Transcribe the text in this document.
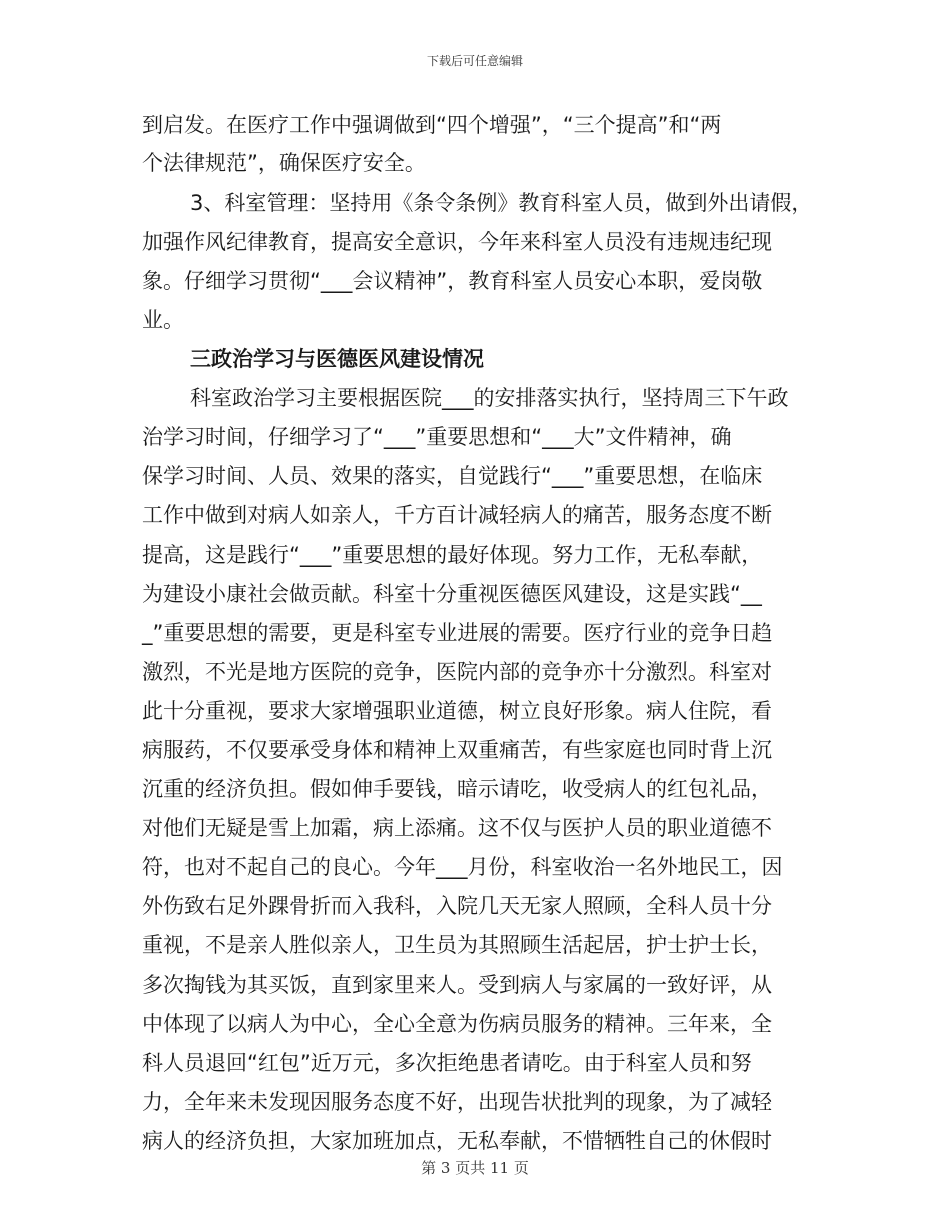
下载后可任意编辑
到启发。在医疗工作中强调做到“四个增强”，“三个提高”和“两
个法律规范”，确保医疗安全。
3、科室管理：坚持用《条令条例》教育科室人员，做到外出请假，
加强作风纪律教育，提高安全意识，今年来科室人员没有违规违纪现
象。仔细学习贯彻“___会议精神”，教育科室人员安心本职，爱岗敬
业。
三政治学习与医德医风建设情况
科室政治学习主要根据医院___的安排落实执行，坚持周三下午政
治学习时间，仔细学习了“___”重要思想和“___大”文件精神，确
保学习时间、人员、效果的落实，自觉践行“___”重要思想，在临床
工作中做到对病人如亲人，千方百计减轻病人的痛苦，服务态度不断
提高，这是践行“___”重要思想的最好体现。努力工作，无私奉献，
为建设小康社会做贡献。科室十分重视医德医风建设，这是实践“__
_”重要思想的需要，更是科室专业进展的需要。医疗行业的竞争日趋
激烈，不光是地方医院的竞争，医院内部的竞争亦十分激烈。科室对
此十分重视，要求大家增强职业道德，树立良好形象。病人住院，看
病服药，不仅要承受身体和精神上双重痛苦，有些家庭也同时背上沉
沉重的经济负担。假如伸手要钱，暗示请吃，收受病人的红包礼品，
对他们无疑是雪上加霜，病上添痛。这不仅与医护人员的职业道德不
符，也对不起自己的良心。今年___月份，科室收治一名外地民工，因
外伤致右足外踝骨折而入我科，入院几天无家人照顾，全科人员十分
重视，不是亲人胜似亲人，卫生员为其照顾生活起居，护士护士长，
多次掏钱为其买饭，直到家里来人。受到病人与家属的一致好评，从
中体现了以病人为中心，全心全意为伤病员服务的精神。三年来，全
科人员退回“红包”近万元，多次拒绝患者请吃。由于科室人员和努
力，全年来未发现因服务态度不好，出现告状批判的现象，为了减轻
病人的经济负担，大家加班加点，无私奉献，不惜牺牲自己的休假时
第 3 页共 11 页
